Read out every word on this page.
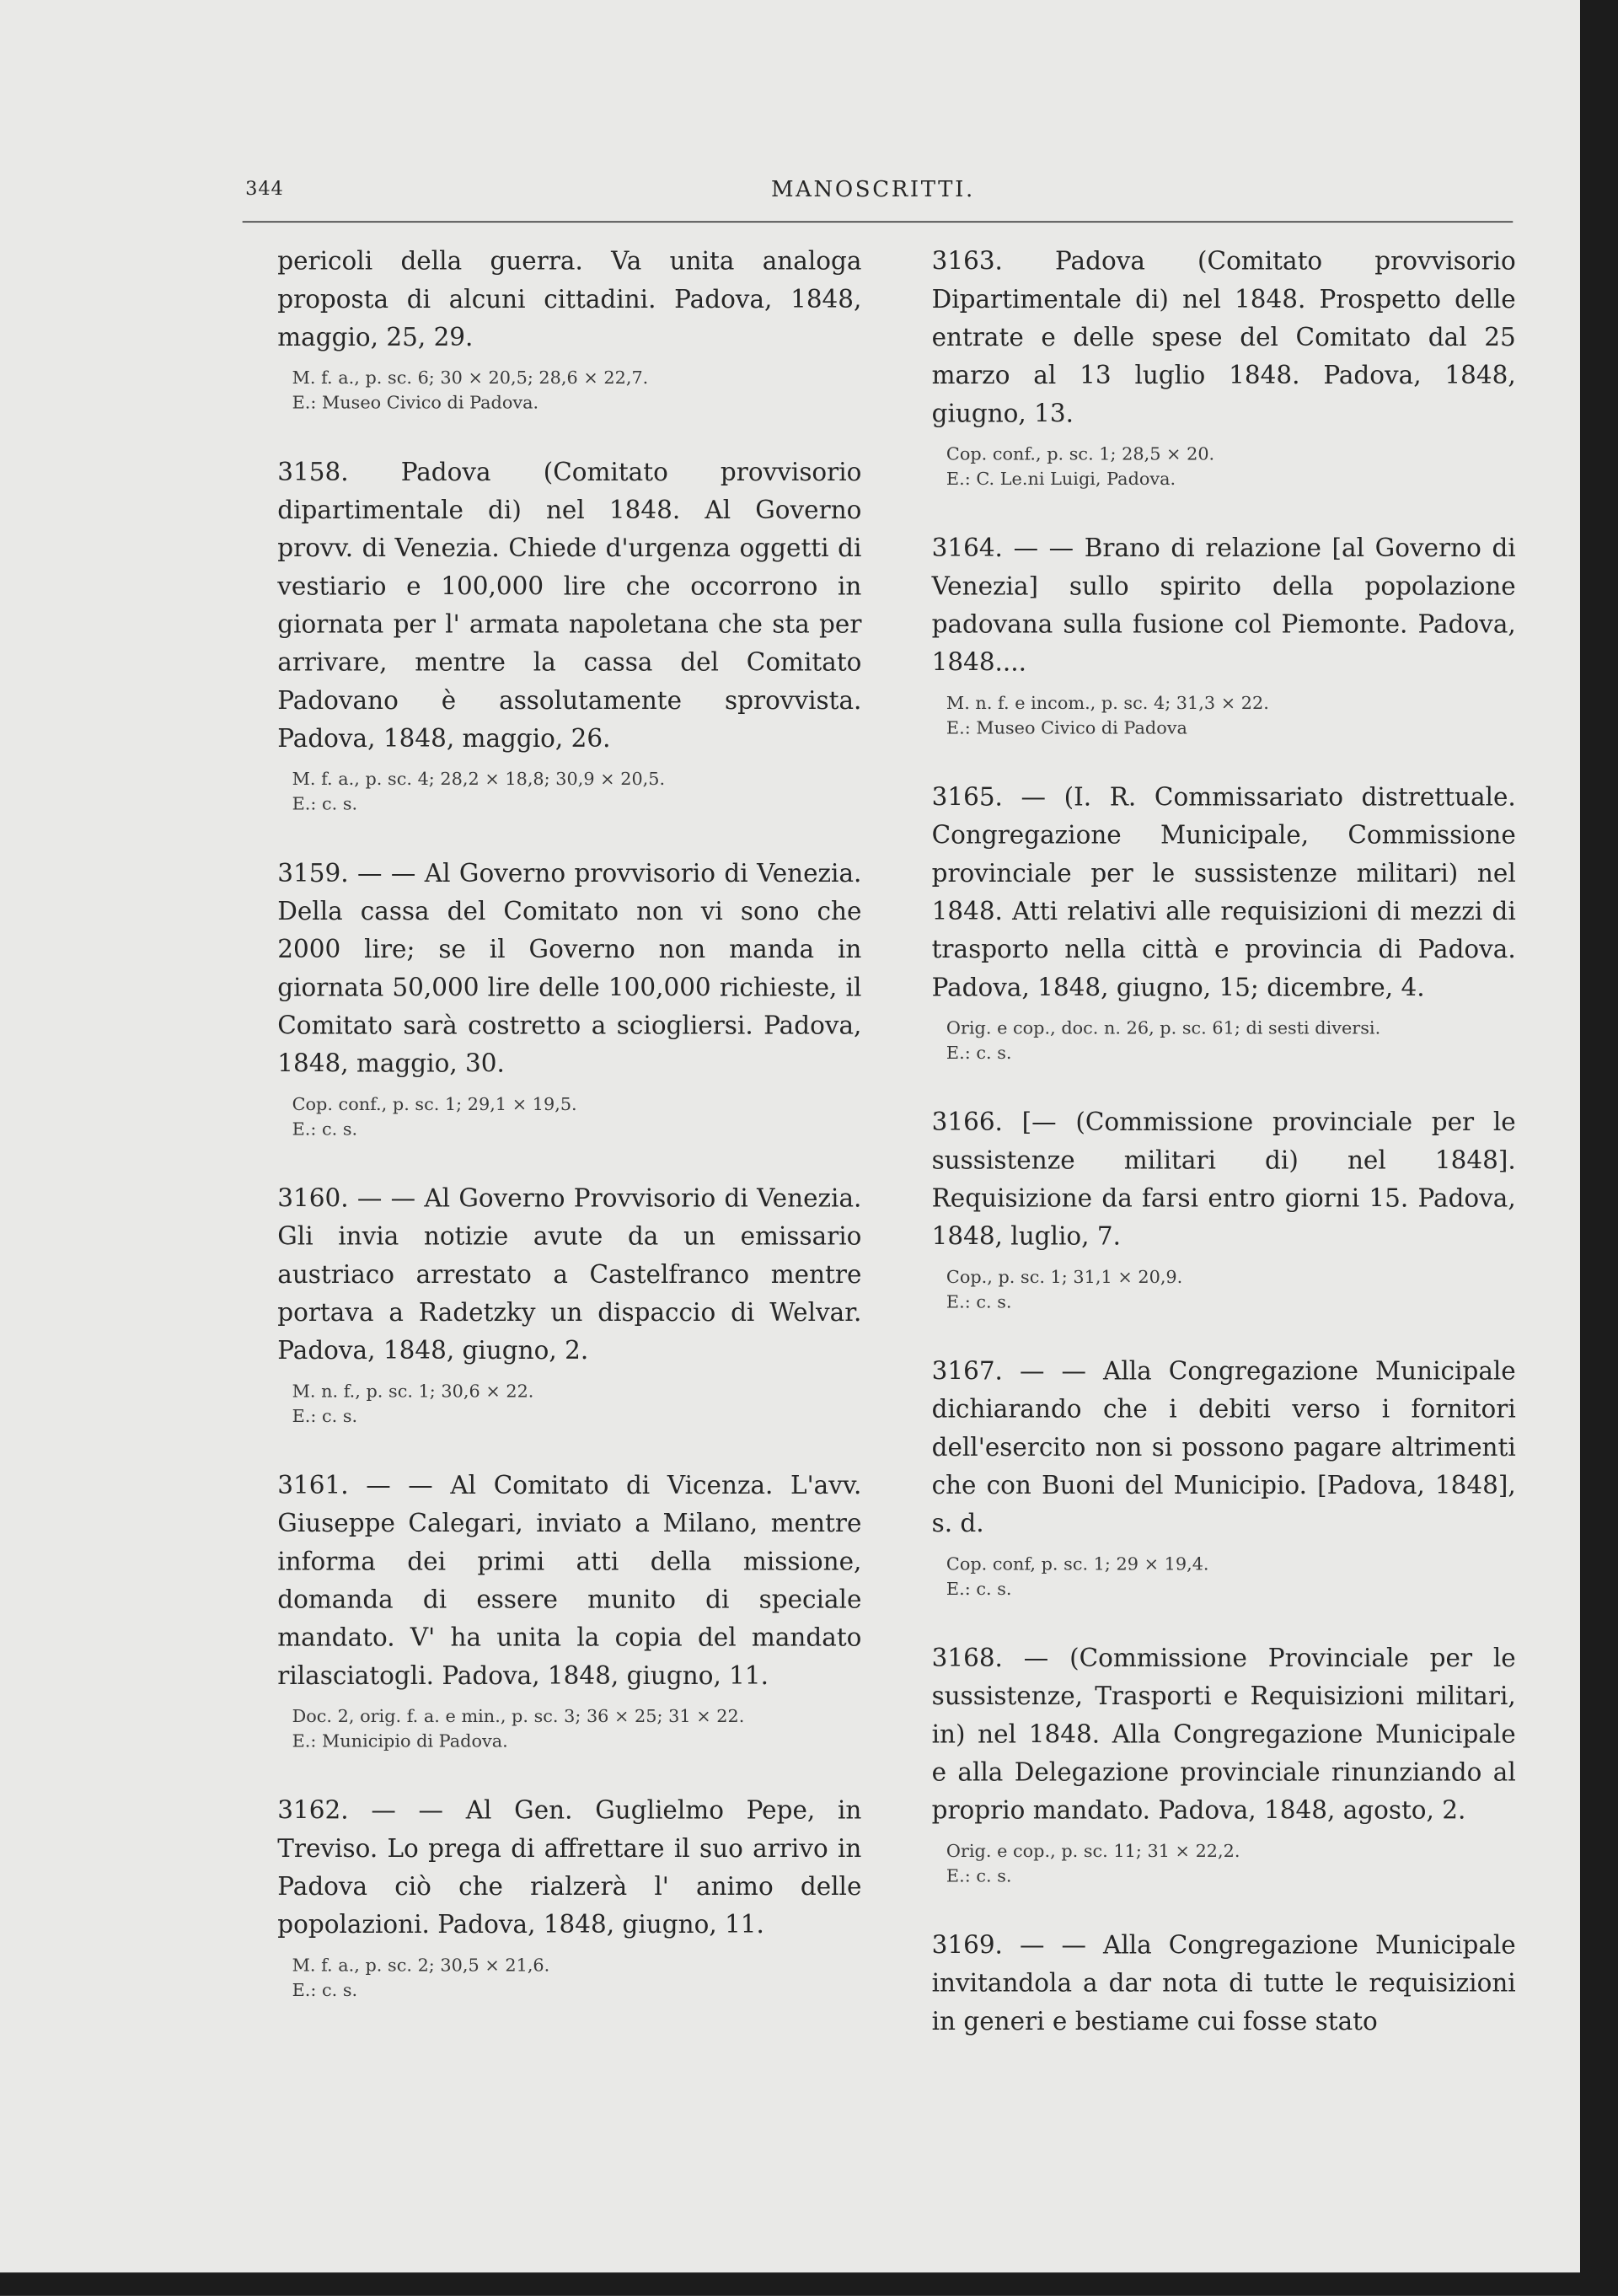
344	MANOSCRITTI.

pericoli della guerra. Va unita analoga proposta di alcuni cittadini. Padova, 1848, maggio, 25, 29.

M. f. a., p. sc. 6; 30 × 20,5; 28,6 × 22,7.
E.: Museo Civico di Padova.

3158. Padova (Comitato provvisorio dipartimentale di) nel 1848. Al Governo provv. di Venezia. Chiede d'urgenza oggetti di vestiario e 100,000 lire che occorrono in giornata per l' armata napoletana che sta per arrivare, mentre la cassa del Comitato Padovano è assolutamente sprovvista. Padova, 1848, maggio, 26.

M. f. a., p. sc. 4; 28,2 × 18,8; 30,9 × 20,5.
E.: c. s.

3159. — — Al Governo provvisorio di Venezia. Della cassa del Comitato non vi sono che 2000 lire; se il Governo non manda in giornata 50,000 lire delle 100,000 richieste, il Comitato sarà costretto a sciogliersi. Padova, 1848, maggio, 30.

Cop. conf., p. sc. 1; 29,1 × 19,5.
E.: c. s.

3160. — — Al Governo Provvisorio di Venezia. Gli invia notizie avute da un emissario austriaco arrestato a Castelfranco mentre portava a Radetzky un dispaccio di Welvar. Padova, 1848, giugno, 2.

M. n. f., p. sc. 1; 30,6 × 22.
E.: c. s.

3161. — — Al Comitato di Vicenza. L'avv. Giuseppe Calegari, inviato a Milano, mentre informa dei primi atti della missione, domanda di essere munito di speciale mandato. V' ha unita la copia del mandato rilasciatogli. Padova, 1848, giugno, 11.

Doc. 2, orig. f. a. e min., p. sc. 3; 36 × 25; 31 × 22.
E.: Municipio di Padova.

3162. — — Al Gen. Guglielmo Pepe, in Treviso. Lo prega di affrettare il suo arrivo in Padova ciò che rialzerà l' animo delle popolazioni. Padova, 1848, giugno, 11.

M. f. a., p. sc. 2; 30,5 × 21,6.
E.: c. s.

3163. Padova (Comitato provvisorio Dipartimentale di) nel 1848. Prospetto delle entrate e delle spese del Comitato dal 25 marzo al 13 luglio 1848. Padova, 1848, giugno, 13.

Cop. conf., p. sc. 1; 28,5 × 20.
E.: C. Le.ni Luigi, Padova.

3164. — — Brano di relazione [al Governo di Venezia] sullo spirito della popolazione padovana sulla fusione col Piemonte. Padova, 1848....

M. n. f. e incom., p. sc. 4; 31,3 × 22.
E.: Museo Civico di Padova

3165. — (I. R. Commissariato distrettuale. Congregazione Municipale, Commissione provinciale per le sussistenze militari) nel 1848. Atti relativi alle requisizioni di mezzi di trasporto nella città e provincia di Padova. Padova, 1848, giugno, 15; dicembre, 4.

Orig. e cop., doc. n. 26, p. sc. 61; di sesti diversi.
E.: c. s.

3166. [— (Commissione provinciale per le sussistenze militari di) nel 1848]. Requisizione da farsi entro giorni 15. Padova, 1848, luglio, 7.

Cop., p. sc. 1; 31,1 × 20,9.
E.: c. s.

3167. — — Alla Congregazione Municipale dichiarando che i debiti verso i fornitori dell'esercito non si possono pagare altrimenti che con Buoni del Municipio. [Padova, 1848], s. d.

Cop. conf, p. sc. 1; 29 × 19,4.
E.: c. s.

3168. — (Commissione Provinciale per le sussistenze, Trasporti e Requisizioni militari, in) nel 1848. Alla Congregazione Municipale e alla Delegazione provinciale rinunziando al proprio mandato. Padova, 1848, agosto, 2.

Orig. e cop., p. sc. 11; 31 × 22,2.
E.: c. s.

3169. — — Alla Congregazione Municipale invitandola a dar nota di tutte le requisizioni in generi e bestiame cui fosse stato
